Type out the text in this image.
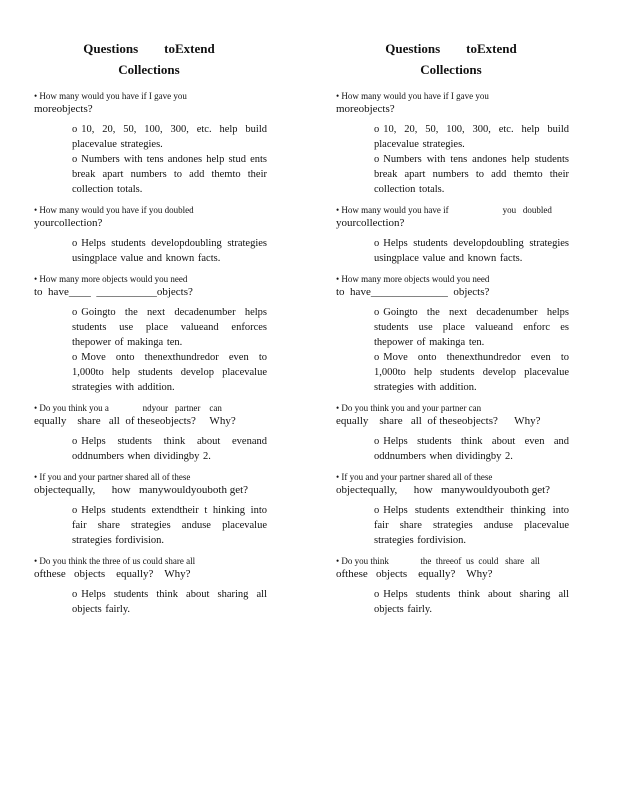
Questions        toExtend
Collections
• How many would you have if I gave you
moreobjects?
o 10, 20, 50, 100, 300, etc. help build placevalue strategies.
o Numbers with tens andones help stud ents break apart numbers to add themto their collection totals.
• How many would you have if you doubled
yourcollection?
o Helps students developdoubling strategies usingplace value and known facts.
• How many more objects would you need
to  have____  ___________objects?
o Goingto the next decadenumber helps students use place valueand enforces thepower of makinga ten.
o Move onto thenexthundredor even to 1,000to help students develop placevalue strategies with addition.
• Do you think you a               ndyour   partner    can
equally    share   all  of theseobjects?     Why?
o Helps students think about evenand oddnumbers when dividingby 2.
• If you and your partner shared all of these
objectequally,      how   manywouldyouboth get?
o Helps students extendtheir t hinking into fair share strategies anduse placevalue strategies fordivision.
• Do you think the three of us could share all
ofthese   objects    equally?    Why?
o Helps students think about sharing all objects fairly.
Questions        toExtend
Collections
• How many would you have if I gave you
moreobjects?
o 10, 20, 50, 100, 300, etc. help build placevalue strategies.
o Numbers with tens andones help students break apart numbers to add themto their collection totals.
• How many would you have if                        you   doubled
yourcollection?
o Helps students developdoubling strategies usingplace value and known facts.
• How many more objects would you need
to  have______________  objects?
o Goingto the next decadenumber helps students use place valueand enforc es thepower of makinga ten.
o Move onto thenexthundredor even to 1,000to help students develop placevalue strategies with addition.
• Do you think you and your partner can
equally    share   all  of theseobjects?      Why?
o Helps students think about even and oddnumbers when dividingby 2.
• If you and your partner shared all of these
objectequally,      how   manywouldyouboth get?
o Helps students extendtheir thinking into fair share strategies anduse placevalue strategies fordivision.
• Do you think              the  threeof  us  could   share   all
ofthese   objects    equally?    Why?
o Helps students think about sharing all objects fairly.
